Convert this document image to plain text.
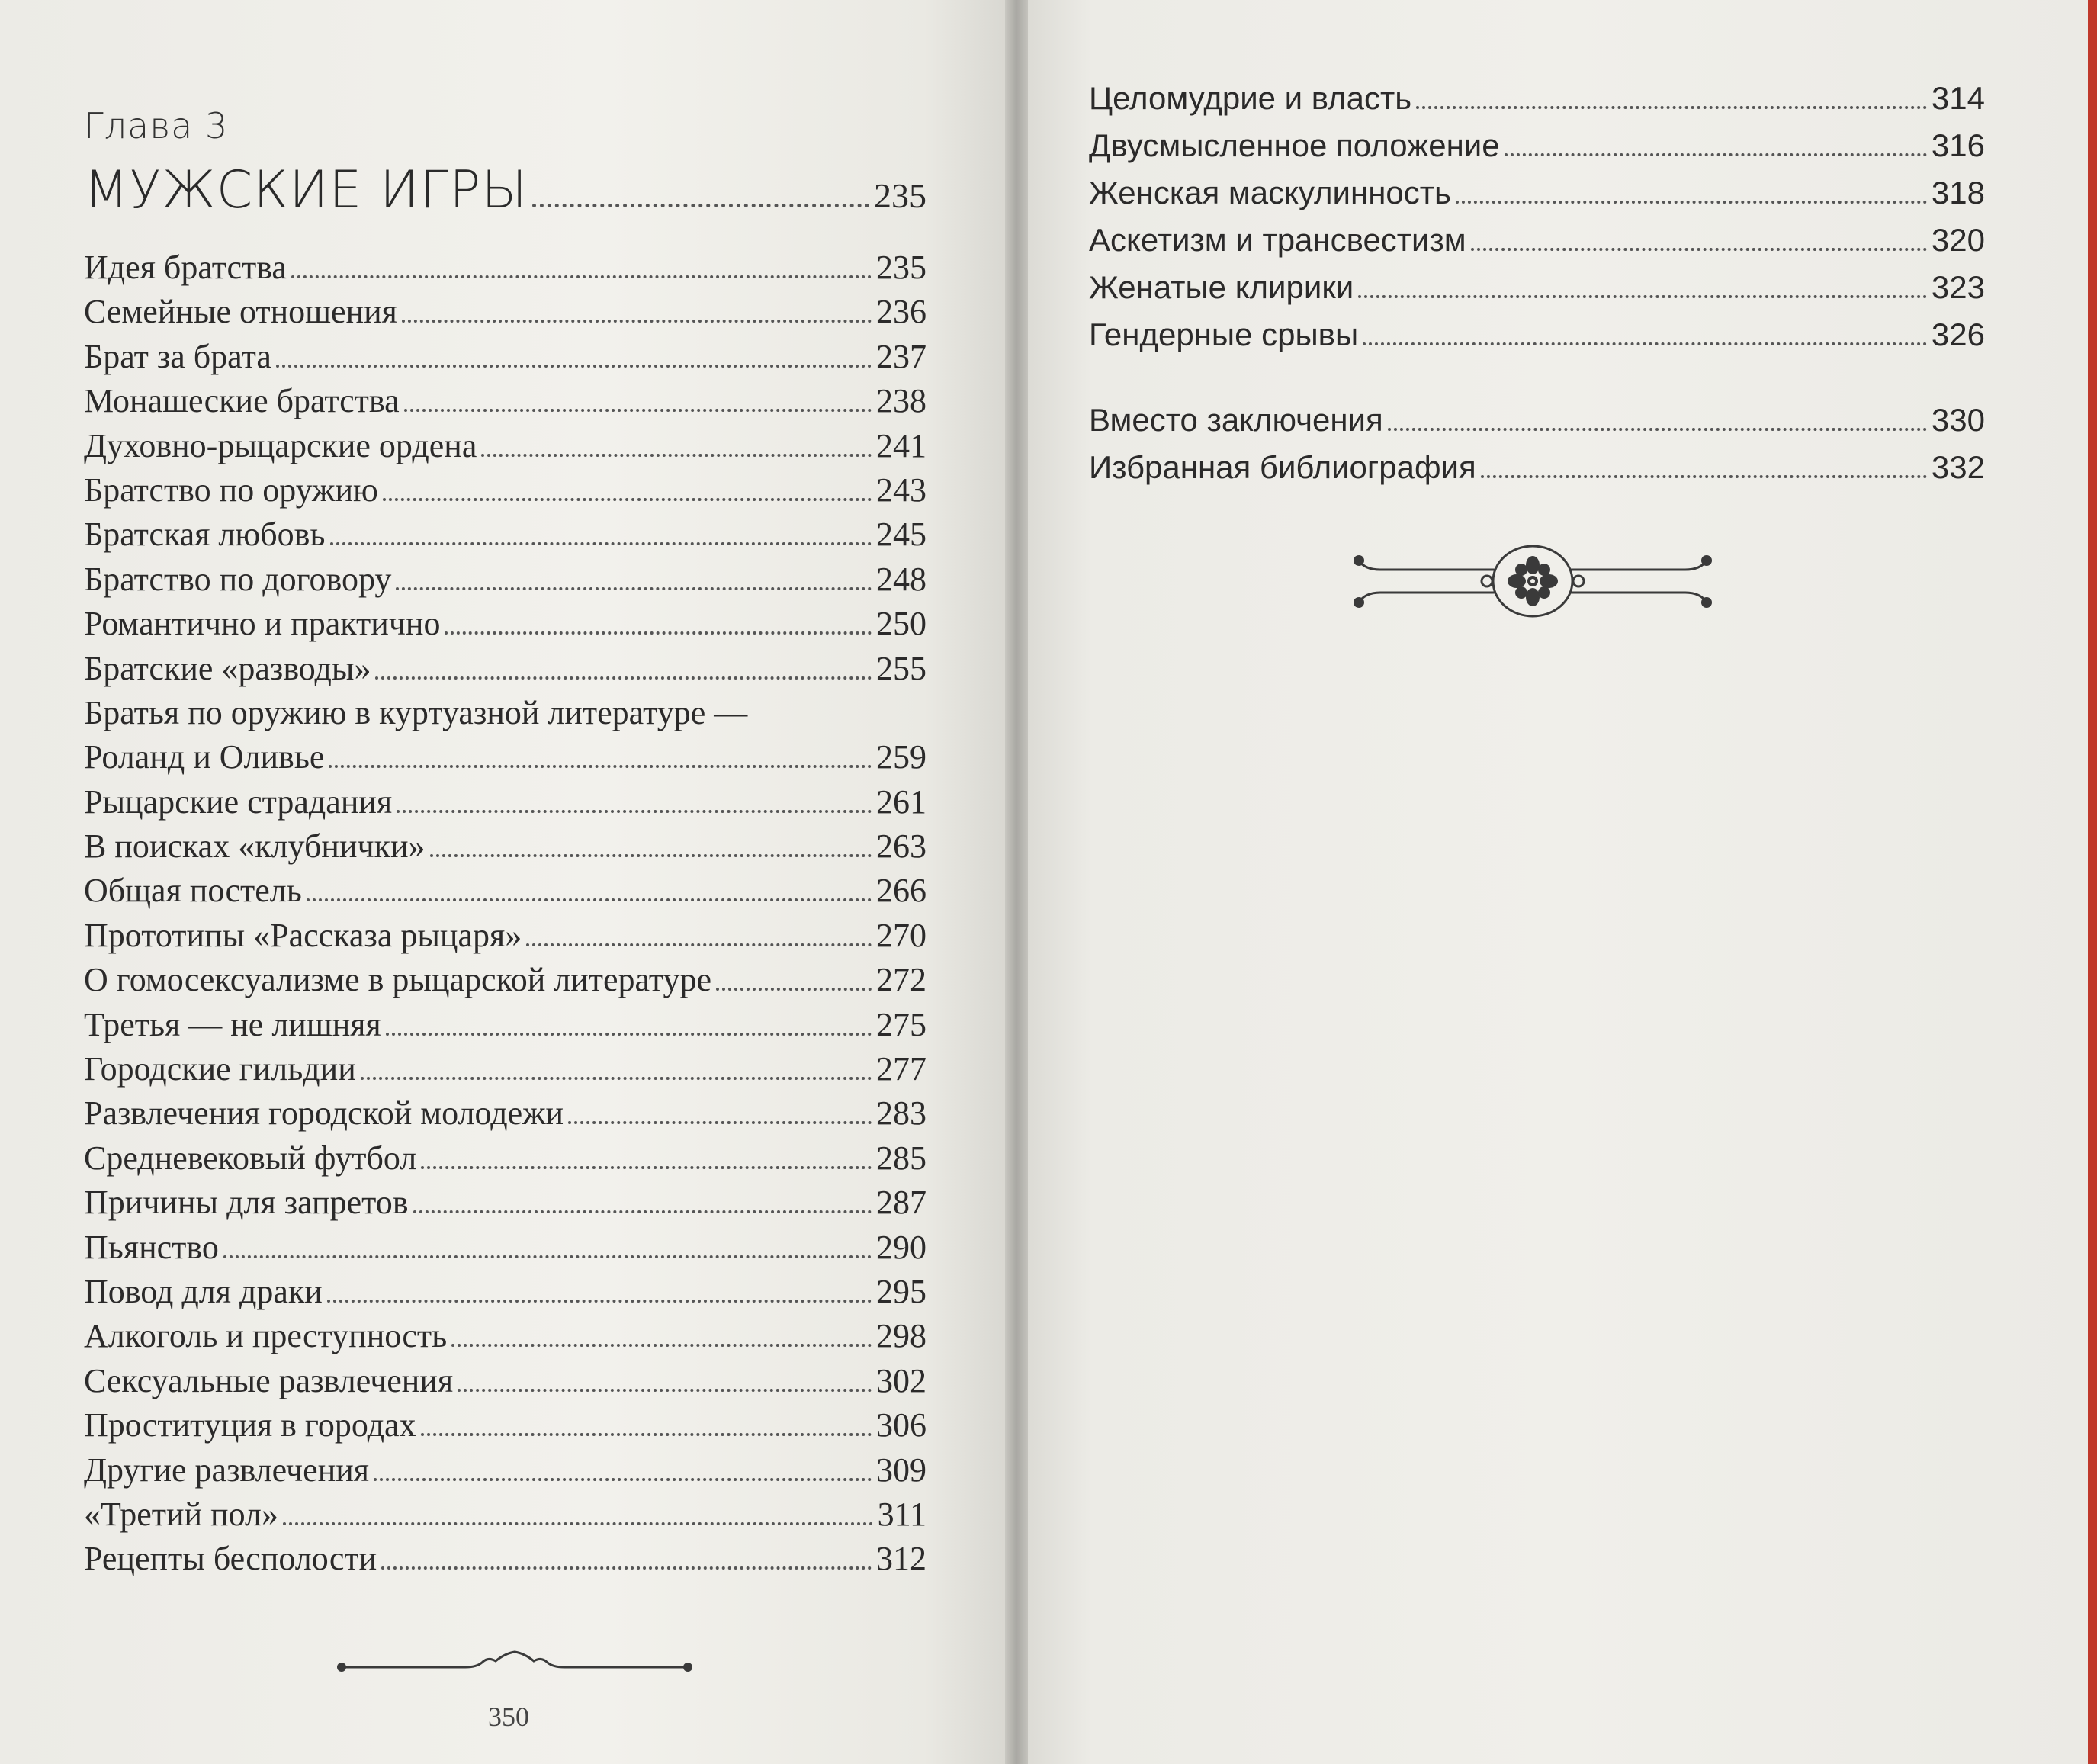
Глава 3
МУЖСКИЕ ИГРЫ	235
Идея братства	235
Семейные отношения	236
Брат за брата	237
Монашеские братства	238
Духовно-рыцарские ордена	241
Братство по оружию	243
Братская любовь	245
Братство по договору	248
Романтично и практично	250
Братские «разводы»	255
Братья по оружию в куртуазной литературе —
Роланд и Оливье	259
Рыцарские страдания	261
В поисках «клубнички»	263
Общая постель	266
Прототипы «Рассказа рыцаря»	270
О гомосексуализме в рыцарской литературе	272
Третья — не лишняя	275
Городские гильдии	277
Развлечения городской молодежи	283
Средневековый футбол	285
Причины для запретов	287
Пьянство	290
Повод для драки	295
Алкоголь и преступность	298
Сексуальные развлечения	302
Проституция в городах	306
Другие развлечения	309
«Третий пол»	311
Рецепты бесполости	312
350
Целомудрие и власть	314
Двусмысленное положение	316
Женская маскулинность	318
Аскетизм и трансвестизм	320
Женатые клирики	323
Гендерные срывы	326
Вместо заключения	330
Избранная библиография	332
